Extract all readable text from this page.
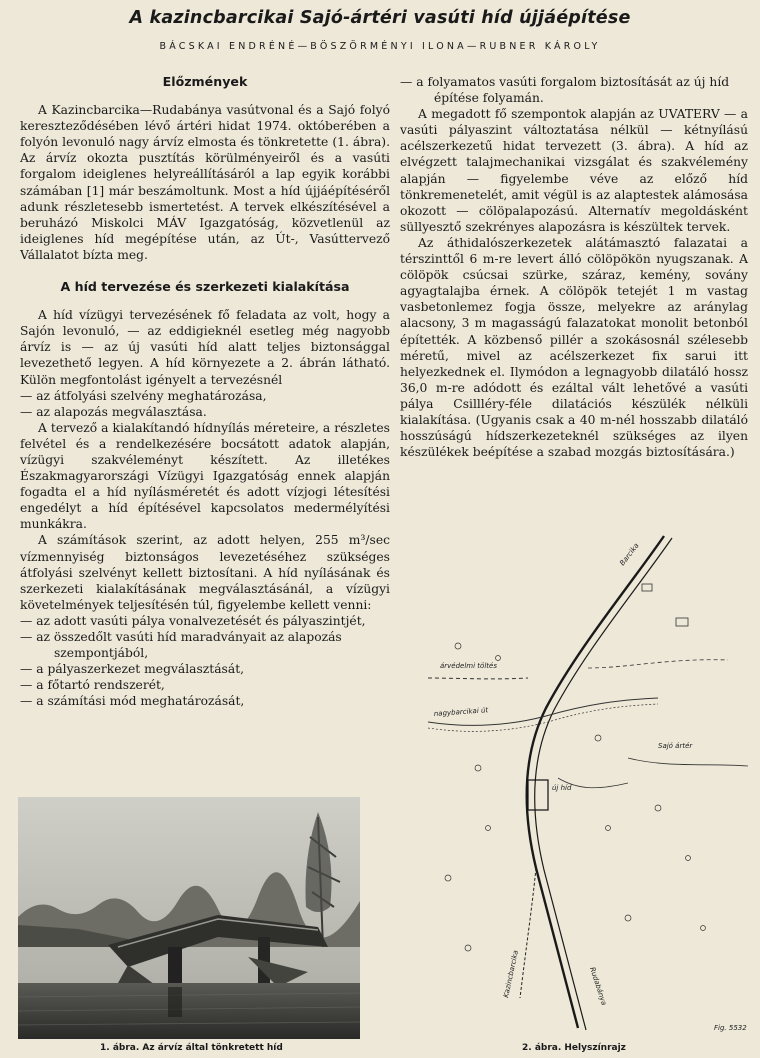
A kazincbarcikai Sajó-ártéri vasúti híd újjáépítése
BÁCSKAI ENDRÉNÉ—BÖSZÖRMÉNYI ILONA—RUBNER KÁROLY
Előzmények

A Kazincbarcika—Rudabánya vasútvonal és a Sajó folyó kereszteződésében lévő ártéri hidat 1974. októberében a folyón levonuló nagy árvíz elmosta és tönkretette (1. ábra). Az árvíz okozta pusztítás körülményeiről és a vasúti forgalom ideiglenes helyreállításáról a lap egyik korábbi számában [1] már beszámoltunk. Most a híd újjáépítéséről adunk részletesebb ismertetést. A tervek elkészítésével a beruházó Miskolci MÁV Igazgatóság, közvetlenül az ideiglenes híd megépítése után, az Út-, Vasúttervező Vállalatot bízta meg.

A híd tervezése és szerkezeti kialakítása

A híd vízügyi tervezésének fő feladata az volt, hogy a Sajón levonuló, — az eddigieknél esetleg még nagyobb árvíz is — az új vasúti híd alatt teljes biztonsággal levezethető legyen. A híd környezete a 2. ábrán látható. Külön megfontolást igényelt a tervezésnél

— az átfolyási szelvény meghatározása,

— az alapozás megválasztása.

A tervező a kialakítandó hídnyílás méreteire, a részletes felvétel és a rendelkezésére bocsátott adatok alapján, vízügyi szakvéleményt készített. Az illetékes Északmagyarországi Vízügyi Igazgatóság ennek alapján fogadta el a híd nyílásméretét és adott vízjogi létesítési engedélyt a híd építésével kapcsolatos medermélyítési munkákra.

A számítások szerint, az adott helyen, 255 m³/sec vízmennyiség biztonságos levezetéséhez szükséges átfolyási szelvényt kellett biztosítani. A híd nyílásának és szerkezeti kialakításának megválasztásánál, a vízügyi követelmények teljesítésén túl, figyelembe kellett venni:

— az adott vasúti pálya vonalvezetését és pályaszintjét,

— az összedőlt vasúti híd maradványait az alapozás szempontjából,

— a pályaszerkezet megválasztását,

— a főtartó rendszerét,

— a számítási mód meghatározását,

— a folyamatos vasúti forgalom biztosítását az új híd építése folyamán.

A megadott fő szempontok alapján az UVATERV — a vasúti pályaszint változtatása nélkül — kétnyílású acélszerkezetű hidat tervezett (3. ábra). A híd az elvégzett talajmechanikai vizsgálat és szakvélemény alapján — figyelembe véve az előző híd tönkremenetelét, amit végül is az alaptestek alámosása okozott — cölöpalapozású. Alternatív megoldásként süllyesztő szekrényes alapozásra is készültek tervek.

Az áthidalószerkezetek alátámasztó falazatai a térszinttől 6 m-re levert álló cölöpökön nyugszanak. A cölöpök csúcsai szürke, száraz, kemény, sovány agyagtalajba érnek. A cölöpök tetejét 1 m vastag vasbetonlemez fogja össze, melyekre az aránylag alacsony, 3 m magasságú falazatokat monolit betonból építették. A közbenső pillér a szokásosnál szélesebb méretű, mivel az acélszerkezet fix sarui itt helyezkednek el. Ilymódon a legnagyobb dilatáló hossz 36,0 m-re adódott és ezáltal vált lehetővé a vasúti pálya Csillléry-féle dilatációs készülék nélküli kialakítása. (Ugyanis csak a 40 m-nél hosszabb dilatáló hosszúságú hídszerkezeteknél szükséges az ilyen készülékek beépítése a szabad mozgás biztosítására.)

árvédelmi töltés
nagybarcikai út
Sajó ártér
új híd
Barcika
Kazincbarcika	Rudabánya
Fig. 5532
1. ábra. Az árvíz által tönkretett híd	2. ábra. Helyszínrajz
